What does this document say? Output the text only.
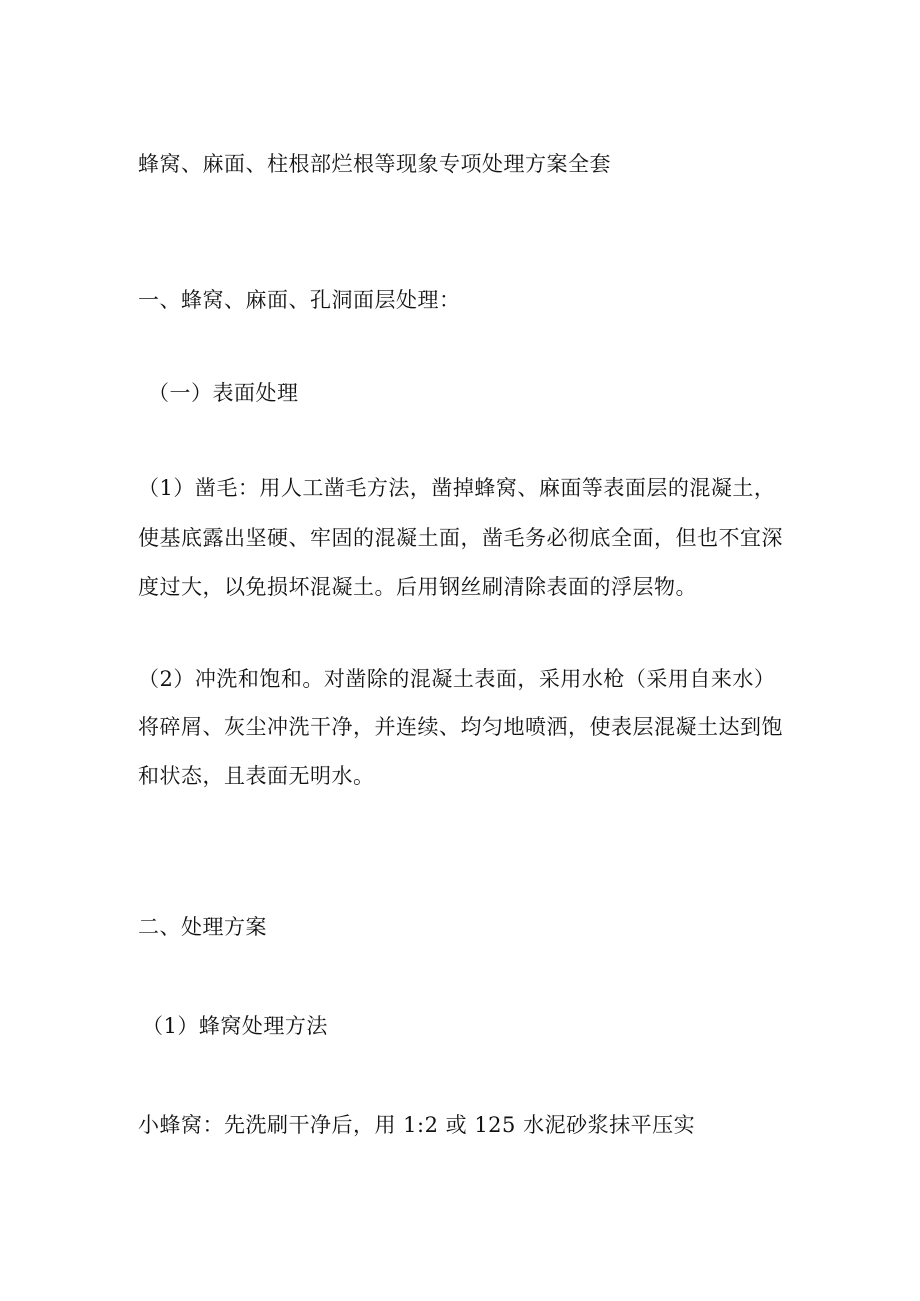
蜂窝、麻面、柱根部烂根等现象专项处理方案全套
一、蜂窝、麻面、孔洞面层处理：
（一）表面处理
（1）凿毛：用人工凿毛方法，凿掉蜂窝、麻面等表面层的混凝土，
使基底露出坚硬、牢固的混凝土面，凿毛务必彻底全面，但也不宜深
度过大，以免损坏混凝土。后用钢丝刷清除表面的浮层物。
（2）冲洗和饱和。对凿除的混凝土表面，采用水枪（采用自来水）
将碎屑、灰尘冲洗干净，并连续、均匀地喷洒，使表层混凝土达到饱
和状态，且表面无明水。
二、处理方案
（1）蜂窝处理方法
小蜂窝：先洗刷干净后，用 1:2 或 125 水泥砂浆抹平压实
